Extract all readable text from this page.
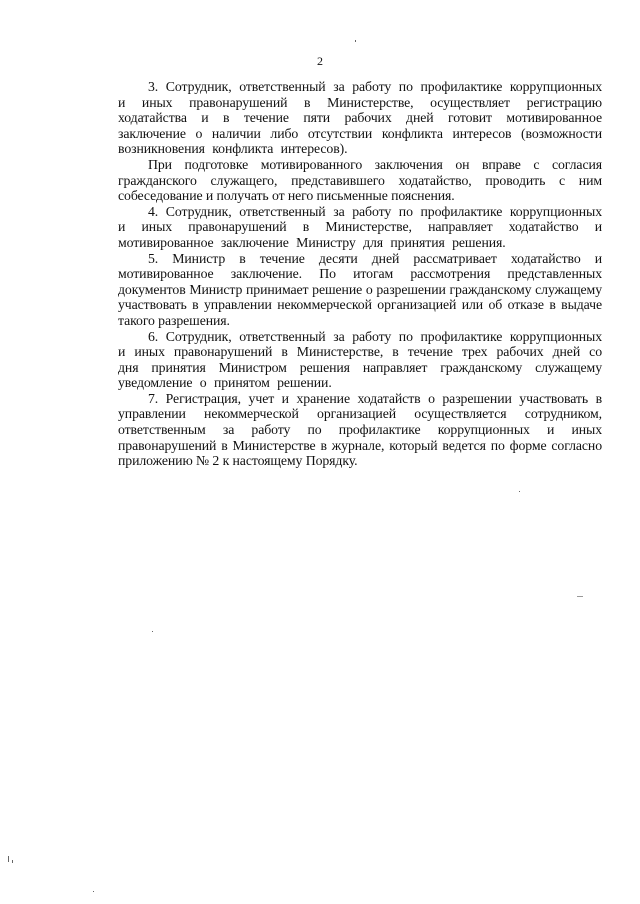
2

3. Сотрудник, ответственный за работу по профилактике коррупционных и иных правонарушений в Министерстве, осуществляет регистрацию ходатайства и в течение пяти рабочих дней готовит мотивированное заключение о наличии либо отсутствии конфликта интересов (возможности возникновения конфликта интересов).

При подготовке мотивированного заключения он вправе с согласия гражданского служащего, представившего ходатайство, проводить с ним собеседование и получать от него письменные пояснения.

4. Сотрудник, ответственный за работу по профилактике коррупционных и иных правонарушений в Министерстве, направляет ходатайство и мотивированное заключение Министру для принятия решения.

5. Министр в течение десяти дней рассматривает ходатайство и мотивированное заключение. По итогам рассмотрения представленных документов Министр принимает решение о разрешении гражданскому служащему участвовать в управлении некоммерческой организацией или об отказе в выдаче такого разрешения.

6. Сотрудник, ответственный за работу по профилактике коррупционных и иных правонарушений в Министерстве, в течение трех рабочих дней со дня принятия Министром решения направляет гражданскому служащему уведомление о принятом решении.

7. Регистрация, учет и хранение ходатайств о разрешении участвовать в управлении некоммерческой организацией осуществляется сотрудником, ответственным за работу по профилактике коррупционных и иных правонарушений в Министерстве в журнале, который ведется по форме согласно приложению № 2 к настоящему Порядку.
